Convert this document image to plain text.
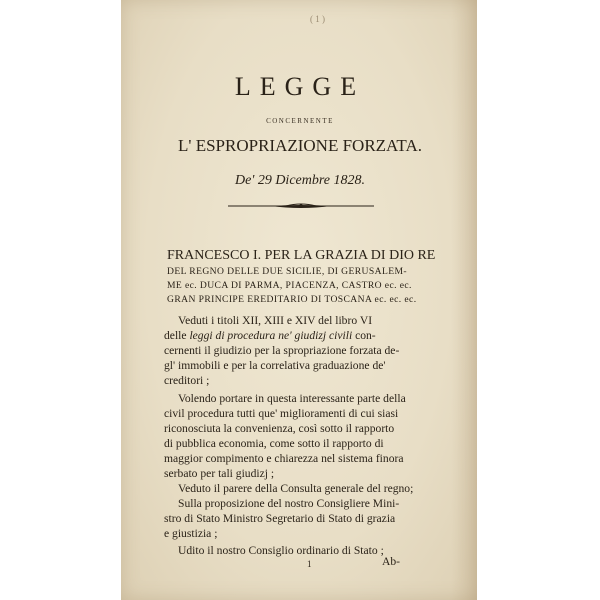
( 1 )
LEGGE
CONCERNENTE
L' ESPROPRIAZIONE FORZATA.
De' 29 Dicembre 1828.
FRANCESCO I. PER LA GRAZIA DI DIO RE
DEL REGNO DELLE DUE SICILIE, DI GERUSALEM-
ME ec. DUCA DI PARMA, PIACENZA, CASTRO ec. ec.
GRAN PRINCIPE EREDITARIO DI TOSCANA ec. ec. ec.
Veduti i titoli XII, XIII e XIV del libro VI
delle leggi di procedura ne' giudizj civili con-
cernenti il giudizio per la spropriazione forzata de-
gl' immobili e per la correlativa graduazione de'
creditori ;
Volendo portare in questa interessante parte della
civil procedura tutti que' miglioramenti di cui siasi
riconosciuta la convenienza, così sotto il rapporto
di pubblica economia, come sotto il rapporto di
maggior compimento e chiarezza nel sistema finora
serbato per tali giudizj ;
Veduto il parere della Consulta generale del regno;
Sulla proposizione del nostro Consigliere Mini-
stro di Stato Ministro Segretario di Stato di grazia
e giustizia ;
Udito il nostro Consiglio ordinario di Stato ;
1	Ab-
